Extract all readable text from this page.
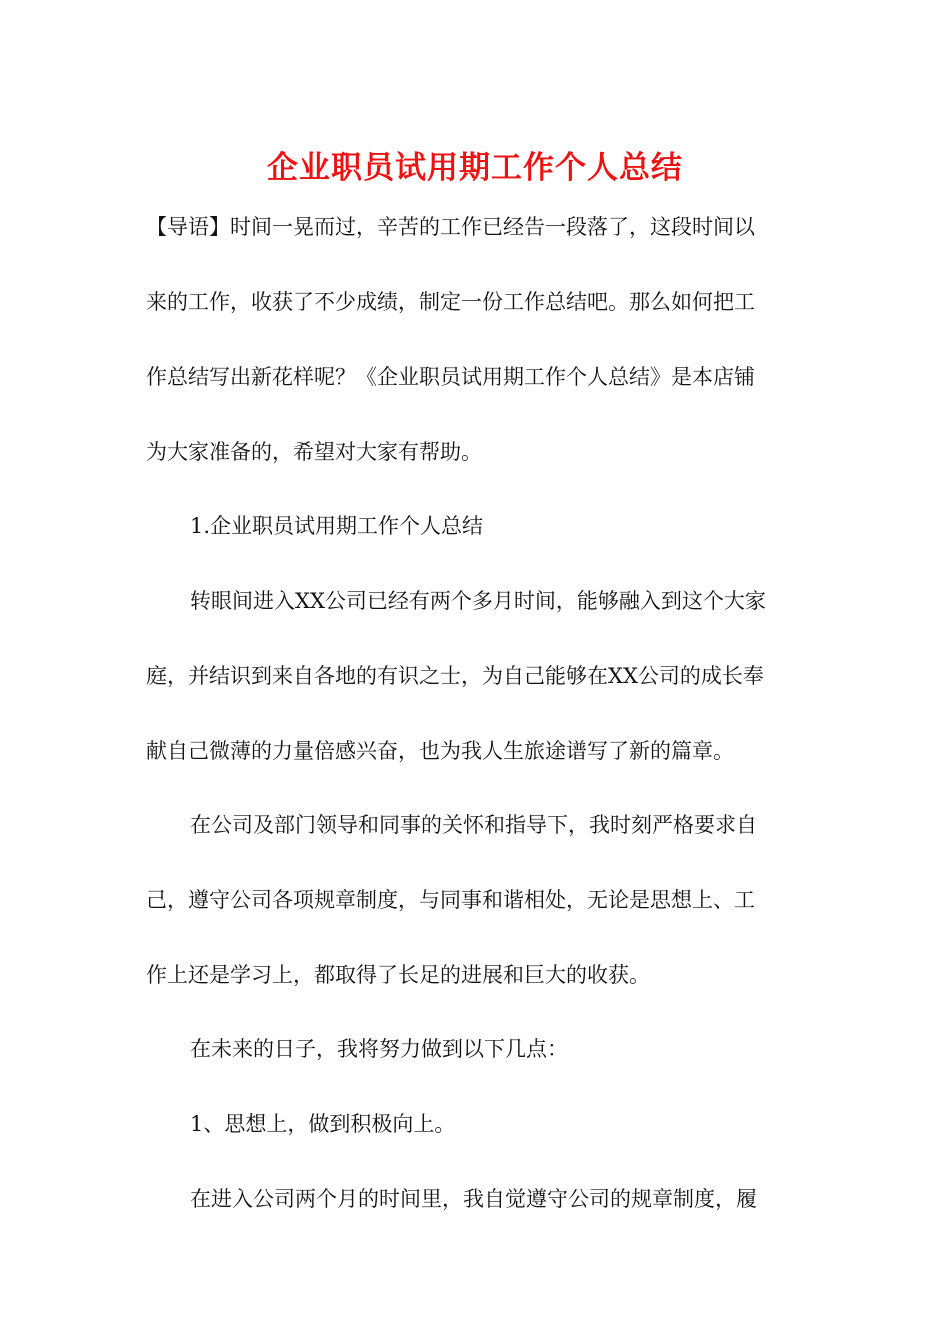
企业职员试用期工作个人总结
【导语】时间一晃而过，辛苦的工作已经告一段落了，这段时间以
来的工作，收获了不少成绩，制定一份工作总结吧。那么如何把工
作总结写出新花样呢？《企业职员试用期工作个人总结》是本店铺
为大家准备的，希望对大家有帮助。
1.企业职员试用期工作个人总结
转眼间进入XX公司已经有两个多月时间，能够融入到这个大家
庭，并结识到来自各地的有识之士，为自己能够在XX公司的成长奉
献自己微薄的力量倍感兴奋，也为我人生旅途谱写了新的篇章。
在公司及部门领导和同事的关怀和指导下，我时刻严格要求自
己，遵守公司各项规章制度，与同事和谐相处，无论是思想上、工
作上还是学习上，都取得了长足的进展和巨大的收获。
在未来的日子，我将努力做到以下几点：
1、思想上，做到积极向上。
在进入公司两个月的时间里，我自觉遵守公司的规章制度，履
